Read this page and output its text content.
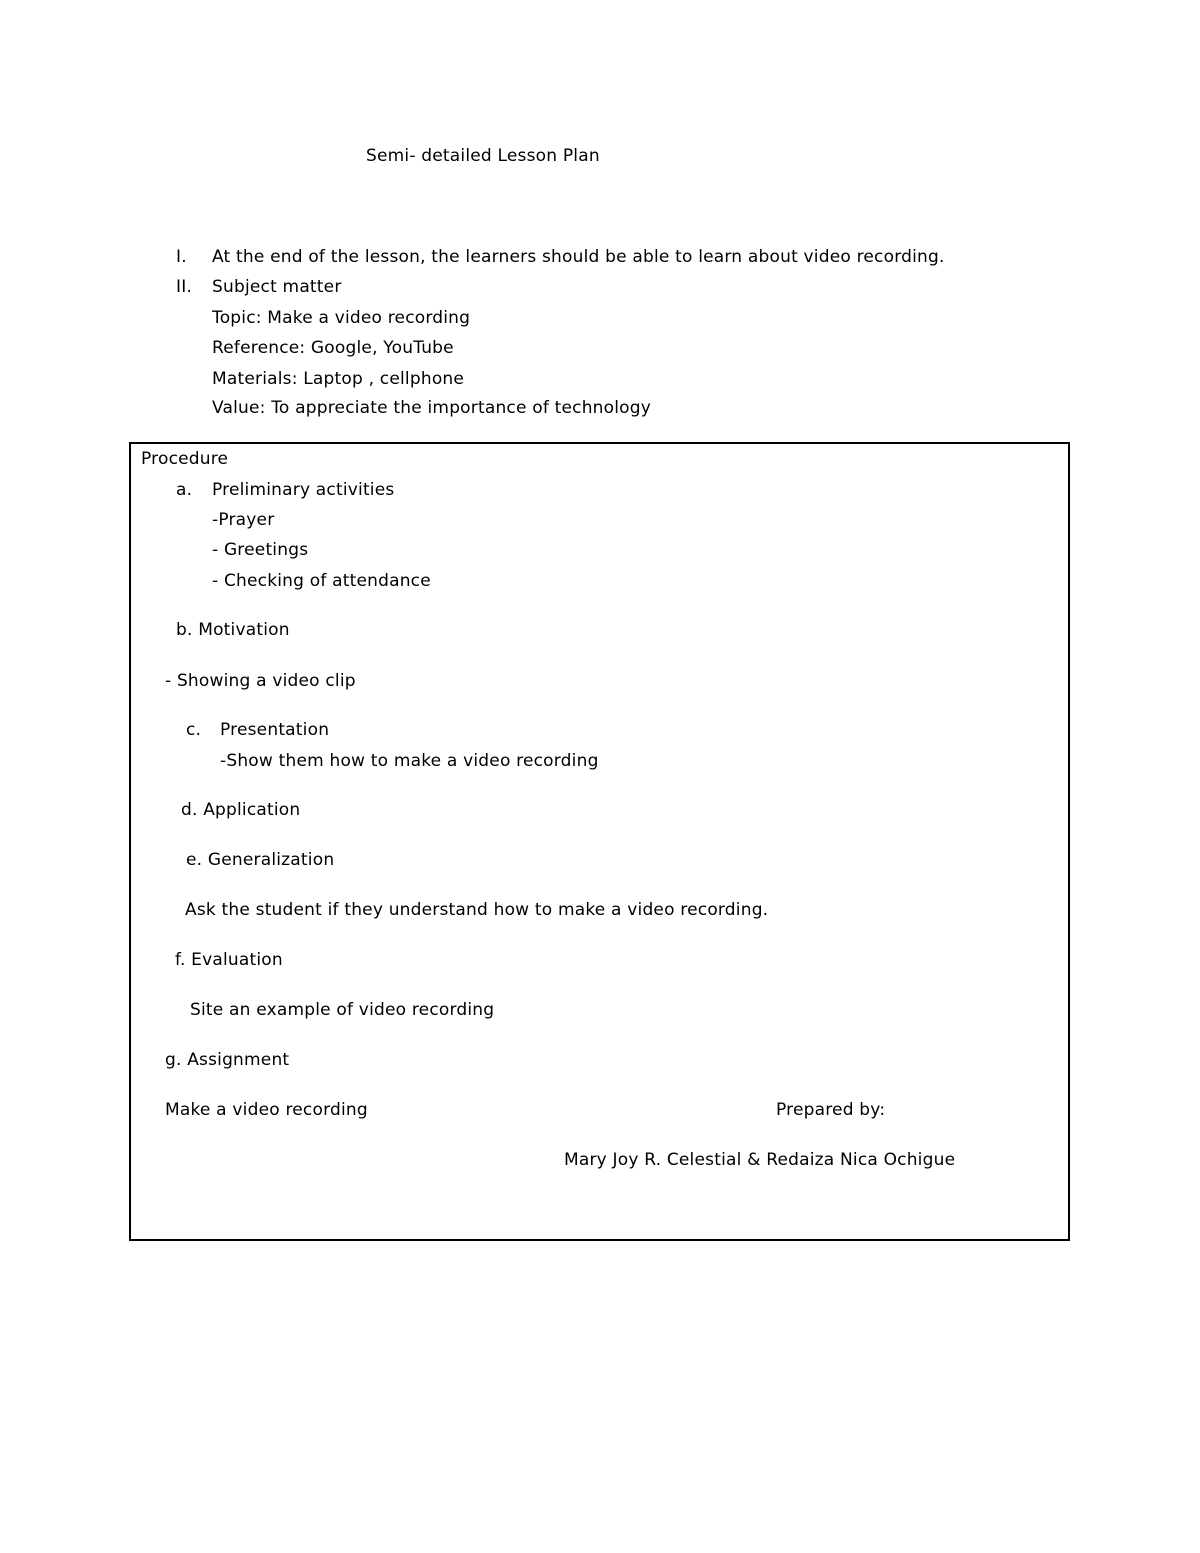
Semi- detailed Lesson Plan
I. At the end of the lesson, the learners should be able to learn about video recording.
II. Subject matter
Topic: Make a video recording
Reference: Google, YouTube
Materials: Laptop , cellphone
Value: To appreciate the importance of technology
Procedure
a. Preliminary activities
-Prayer
- Greetings
- Checking of attendance
b. Motivation
- Showing a video clip
c. Presentation
-Show them how to make a video recording
d. Application
e. Generalization
Ask the student if they understand how to make a video recording.
f. Evaluation
Site an example of video recording
g. Assignment
Make a video recording	Prepared by:
Mary Joy R. Celestial & Redaiza Nica Ochigue
